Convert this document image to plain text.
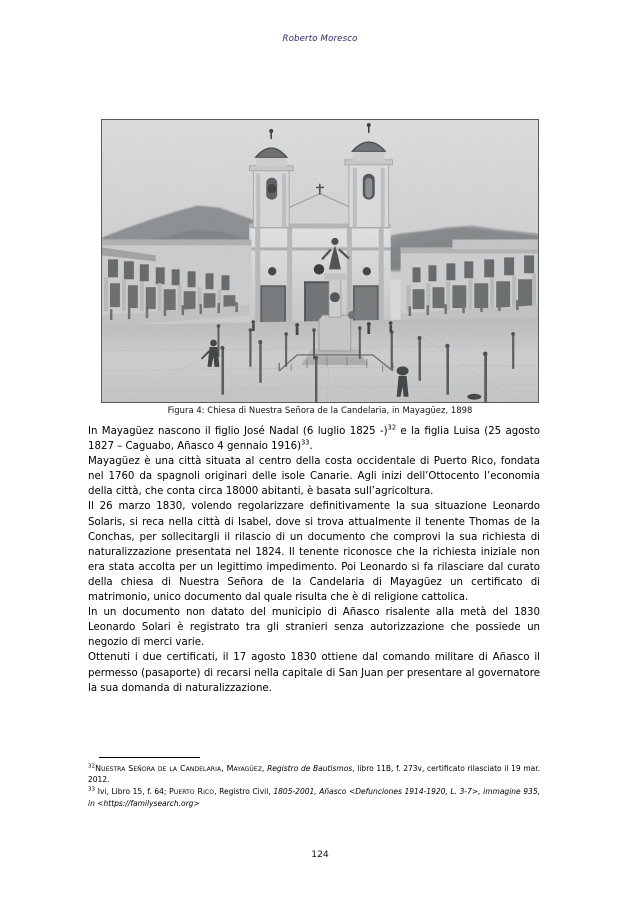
Roberto Moresco
Figura 4: Chiesa di Nuestra Señora de la Candelaria, in Mayagüez, 1898

In Mayagüez nascono il figlio José Nadal (6 luglio 1825 -)$^{32}$ e la figlia Luisa (25 agosto 1827 – Caguabo, Añasco 4 gennaio 1916)$^{33}$.

Mayagüez è una città situata al centro della costa occidentale di Puerto Rico, fondata nel 1760 da spagnoli originari delle isole Canarie. Agli inizi dell’Ottocento l’economia della città, che conta circa 18000 abitanti, è basata sull’agricoltura.

Il 26 marzo 1830, volendo regolarizzare definitivamente la sua situazione Leonardo Solaris, si reca nella città di Isabel, dove si trova attualmente il tenente Thomas de la Conchas, per sollecitargli il rilascio di un documento che comprovi la sua richiesta di naturalizzazione presentata nel 1824. Il tenente riconosce che la richiesta iniziale non era stata accolta per un legittimo impedimento. Poi Leonardo si fa rilasciare dal curato della chiesa di Nuestra Señora de la Candelaria di Mayagüez un certificato di matrimonio, unico documento dal quale risulta che è di religione cattolica.

In un documento non datato del municipio di Añasco risalente alla metà del 1830 Leonardo Solari è registrato tra gli stranieri senza autorizzazione che possiede un negozio di merci varie.

Ottenuti i due certificati, il 17 agosto 1830 ottiene dal comando militare di Añasco il permesso (pasaporte) di recarsi nella capitale di San Juan per presentare al governatore la sua domanda di naturalizzazione.

$^{32}$Nuestra Señora de la Candelaria, Mayagüez, Registro de Bautismos, libro 11B, f. 273v, certificato rilasciato il 19 mar. 2012.

$^{33}$ Ivi, Libro 15, f. 64; Puerto Rico, Registro Civil, 1805-2001, Añasco <Defunciones 1914-1920, L. 3-7>, immagine 935, in <https://familysearch.org>

124
